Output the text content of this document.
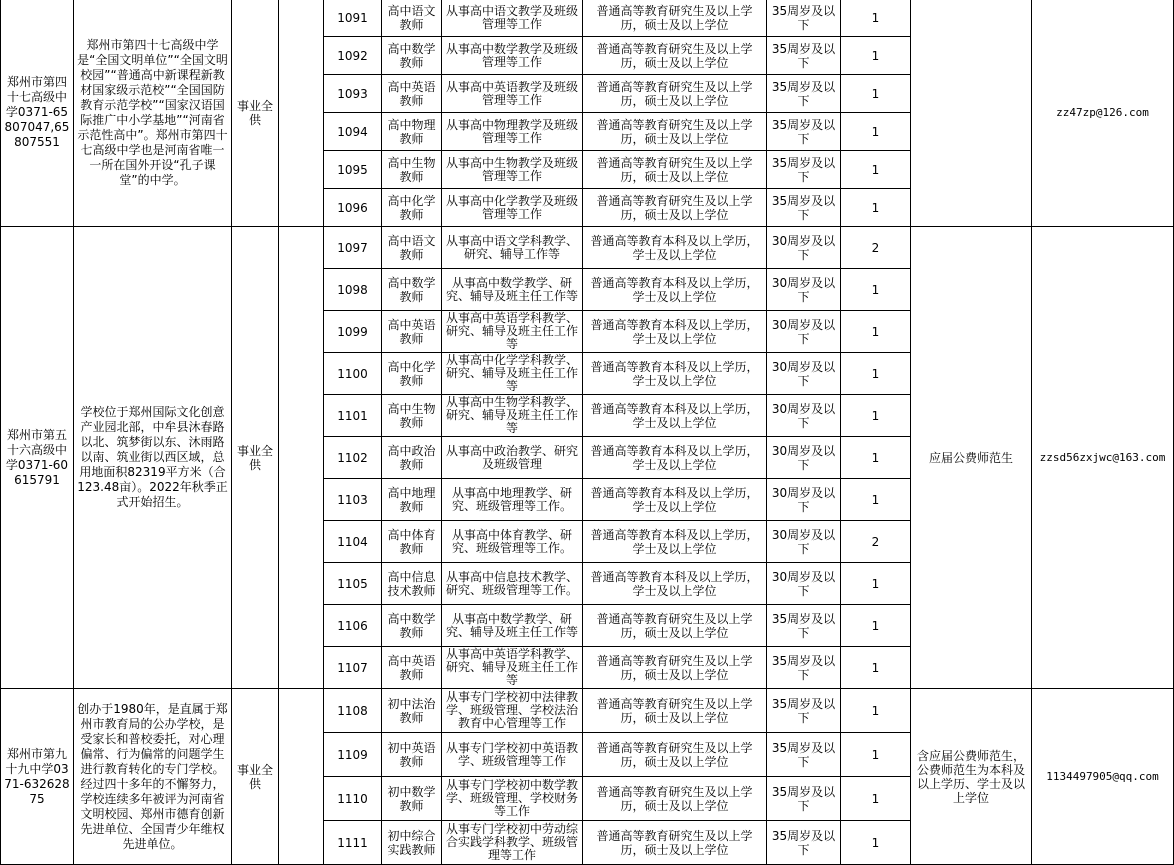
郑州市第四十七高级中学0371-65807047,65807551	郑州市第四十七高级中学是“全国文明单位”“全国文明校园”“普通高中新课程新教材国家级示范校”“全国国防教育示范学校”“国家汉语国际推广中小学基地”“河南省示范性高中”。郑州市第四十七高级中学也是河南省唯一一所在国外开设“孔子课堂”的中学。	事业全供		1091	高中语文教师	从事高中语文教学及班级管理等工作	普通高等教育研究生及以上学历，硕士及以上学位	35周岁及以下	1		zz47zp@126.com

				1092	高中数学教师	从事高中数学教学及班级管理等工作	普通高等教育研究生及以上学历，硕士及以上学位	35周岁及以下	1		

				1093	高中英语教师	从事高中英语教学及班级管理等工作	普通高等教育研究生及以上学历，硕士及以上学位	35周岁及以下	1		

				1094	高中物理教师	从事高中物理教学及班级管理等工作	普通高等教育研究生及以上学历，硕士及以上学位	35周岁及以下	1		

				1095	高中生物教师	从事高中生物教学及班级管理等工作	普通高等教育研究生及以上学历，硕士及以上学位	35周岁及以下	1		

				1096	高中化学教师	从事高中化学教学及班级管理等工作	普通高等教育研究生及以上学历，硕士及以上学位	35周岁及以下	1		

郑州市第五十六高级中学0371-60615791	学校位于郑州国际文化创意产业园北部，中牟县沐春路以北、筑梦街以东、沐雨路以南、筑业街以西区域，总用地面积82319平方米（合123.48亩）。2022年秋季正式开始招生。	事业全供		1097	高中语文教师	从事高中语文学科教学、研究、辅导工作等	普通高等教育本科及以上学历，学士及以上学位	30周岁及以下	2	应届公费师范生	zzsd56zxjwc@163.com

				1098	高中数学教师	从事高中数学教学、研究、辅导及班主任工作等	普通高等教育本科及以上学历，学士及以上学位	30周岁及以下	1		

				1099	高中英语教师	从事高中英语学科教学、研究、辅导及班主任工作等	普通高等教育本科及以上学历，学士及以上学位	30周岁及以下	1		

				1100	高中化学教师	从事高中化学学科教学、研究、辅导及班主任工作等	普通高等教育本科及以上学历，学士及以上学位	30周岁及以下	1		

				1101	高中生物教师	从事高中生物学科教学、研究、辅导及班主任工作等	普通高等教育本科及以上学历，学士及以上学位	30周岁及以下	1		

				1102	高中政治教师	从事高中政治教学、研究及班级管理	普通高等教育本科及以上学历，学士及以上学位	30周岁及以下	1		

				1103	高中地理教师	从事高中地理教学、研究、班级管理等工作。	普通高等教育本科及以上学历，学士及以上学位	30周岁及以下	1		

				1104	高中体育教师	从事高中体育教学、研究、班级管理等工作。	普通高等教育本科及以上学历，学士及以上学位	30周岁及以下	2		

				1105	高中信息技术教师	从事高中信息技术教学、研究、班级管理等工作。	普通高等教育本科及以上学历，学士及以上学位	30周岁及以下	1		

				1106	高中数学教师	从事高中数学教学、研究、辅导及班主任工作等	普通高等教育研究生及以上学历，硕士及以上学位	35周岁及以下	1		

				1107	高中英语教师	从事高中英语学科教学、研究、辅导及班主任工作等	普通高等教育研究生及以上学历，硕士及以上学位	35周岁及以下	1		

郑州市第九十九中学0371-63262875	创办于1980年，是直属于郑州市教育局的公办学校，是受家长和普校委托，对心理偏常、行为偏常的问题学生进行教育转化的专门学校。经过四十多年的不懈努力，学校连续多年被评为河南省文明校园、郑州市德育创新先进单位、全国青少年维权先进单位。	事业全供		1108	初中法治教师	从事专门学校初中法律教学、班级管理、学校法治教育中心管理等工作	普通高等教育研究生及以上学历，硕士及以上学位	35周岁及以下	1	含应届公费师范生，公费师范生为本科及以上学历、学士及以上学位	1134497905@qq.com

				1109	初中英语教师	从事专门学校初中英语教学、班级管理等工作	普通高等教育研究生及以上学历，硕士及以上学位	35周岁及以下	1		

				1110	初中数学教师	从事专门学校初中数学教学、班级管理、学校财务等工作	普通高等教育研究生及以上学历，硕士及以上学位	35周岁及以下	1		

				1111	初中综合实践教师	从事专门学校初中劳动综合实践学科教学、班级管理等工作	普通高等教育研究生及以上学历，硕士及以上学位	35周岁及以下	1		
